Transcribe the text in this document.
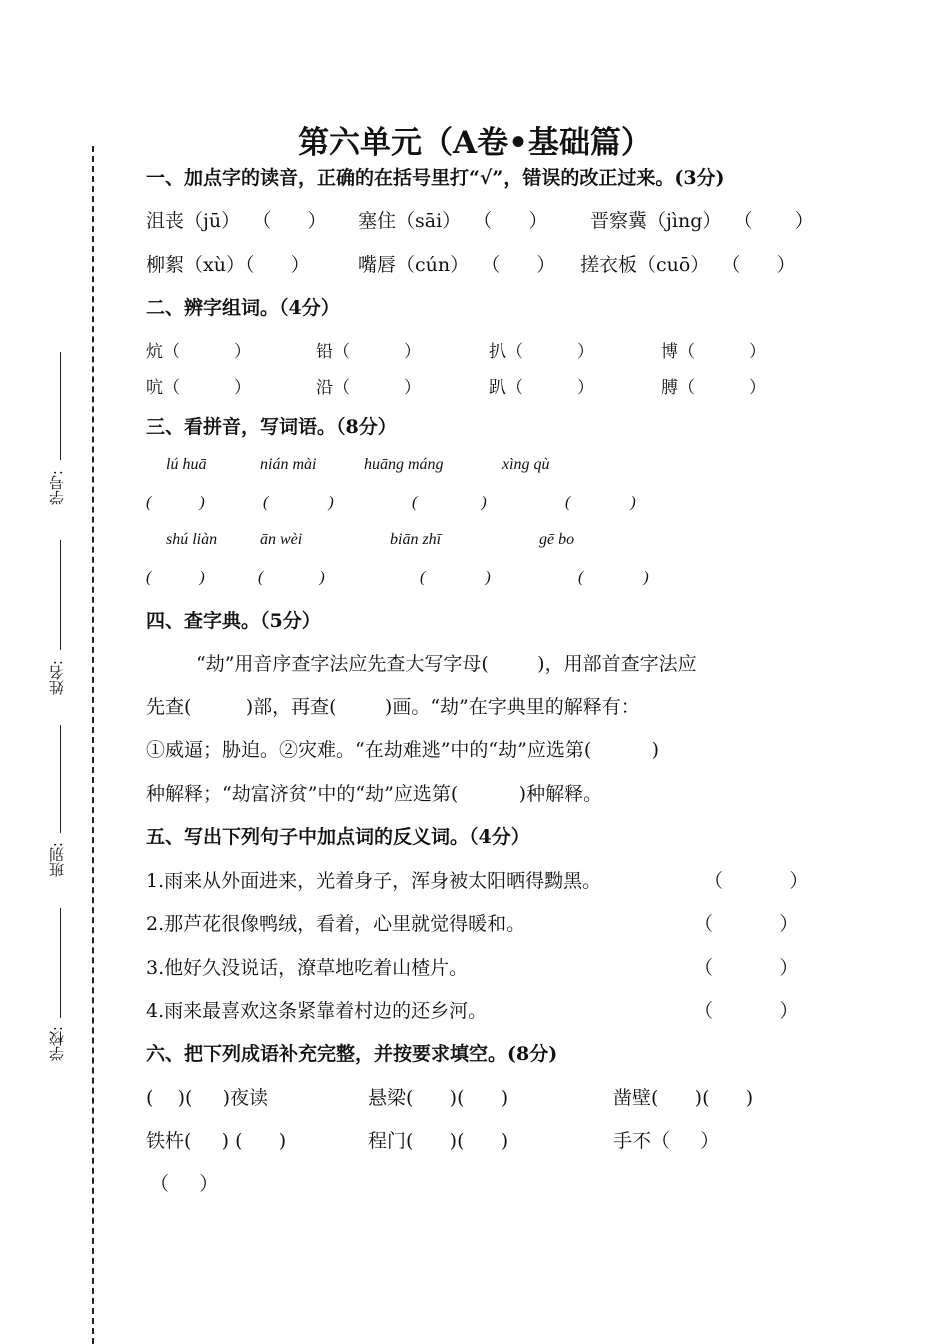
学号:
姓名:
班别:
学校:
第六单元（A卷•基础篇）
一、加点字的读音，正确的在括号里打“√”，错误的改正过来。(3分)
沮丧（jū）  （      ） 塞住（sāi）  （      ） 晋察冀（jìng）  （       ）
柳絮（xù）（      ）	嘴唇（cún）  （      ） 搓衣板（cuō）  （      ）
二、辨字组词。（4分）
炕（          ）	铅（          ）	扒（          ）	博（          ）
吭（          ）	沿（          ）	趴（          ）	膊（          ）
三、看拼音，写词语。（8分）
lú huā	nián mài	huāng máng	xìng qù
(            )	(               )	(                )	(               )
shú liàn	ān wèi	biān zhī	gē bo
(            )	(              )	(               )	(               )
四、查字典。（5分）
“劫”用音序查字法应先查大写字母(        )，用部首查字法应
先查(         )部，再查(        )画。“劫”在字典里的解释有：
①威逼；胁迫。②灾难。“在劫难逃”中的“劫”应选第(          )
种解释；“劫富济贫”中的“劫”应选第(          )种解释。
五、写出下列句子中加点词的反义词。（4分）
1.雨来从外面进来，光着身子，浑身被太阳晒得黝黑。	（           ）
2.那芦花很像鸭绒，看着，心里就觉得暖和。	（           ）
3.他好久没说话，潦草地吃着山楂片。	（           ）
4.雨来最喜欢这条紧靠着村边的还乡河。	（           ）
六、把下列成语补充完整，并按要求填空。(8分)
(    )(     )夜读	悬梁(      )(      )	凿壁(      )(      )
铁杵(     ) (      )	程门(      )(      )	手不（     ）
（     ）
